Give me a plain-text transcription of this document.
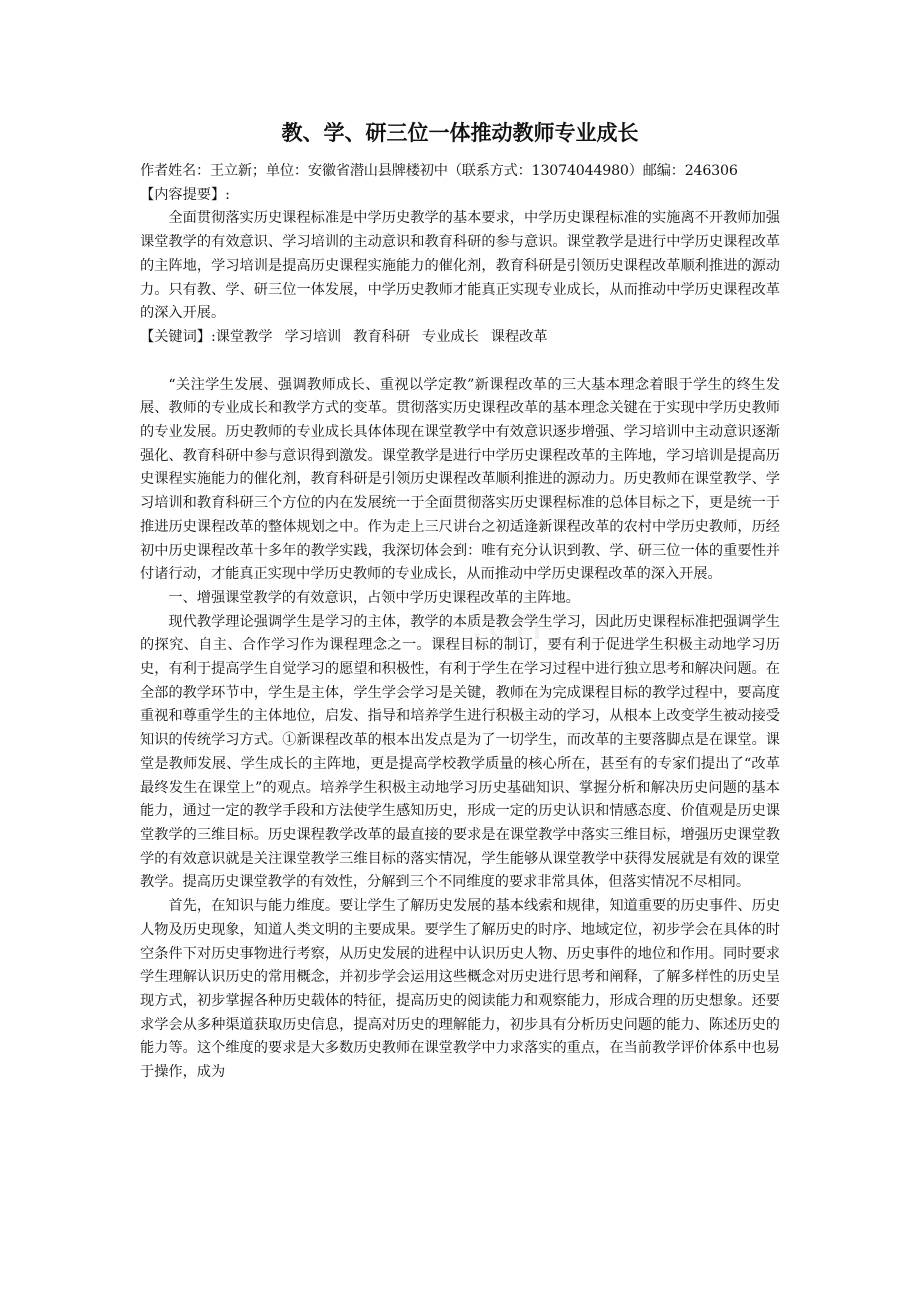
.cn
教、学、研三位一体推动教师专业成长

作者姓名：王立新；单位：安徽省潜山县牌楼初中（联系方式：13074044980）邮编：246306

【内容提要】:

全面贯彻落实历史课程标准是中学历史教学的基本要求，中学历史课程标准的实施离不开教师加强课堂教学的有效意识、学习培训的主动意识和教育科研的参与意识。课堂教学是进行中学历史课程改革的主阵地，学习培训是提高历史课程实施能力的催化剂，教育科研是引领历史课程改革顺利推进的源动力。只有教、学、研三位一体发展，中学历史教师才能真正实现专业成长，从而推动中学历史课程改革的深入开展。

【关键词】:课堂教学 学习培训 教育科研 专业成长 课程改革

“关注学生发展、强调教师成长、重视以学定教”新课程改革的三大基本理念着眼于学生的终生发展、教师的专业成长和教学方式的变革。贯彻落实历史课程改革的基本理念关键在于实现中学历史教师的专业发展。历史教师的专业成长具体体现在课堂教学中有效意识逐步增强、学习培训中主动意识逐渐强化、教育科研中参与意识得到激发。课堂教学是进行中学历史课程改革的主阵地，学习培训是提高历史课程实施能力的催化剂，教育科研是引领历史课程改革顺利推进的源动力。历史教师在课堂教学、学习培训和教育科研三个方位的内在发展统一于全面贯彻落实历史课程标准的总体目标之下，更是统一于推进历史课程改革的整体规划之中。作为走上三尺讲台之初适逢新课程改革的农村中学历史教师，历经初中历史课程改革十多年的教学实践，我深切体会到：唯有充分认识到教、学、研三位一体的重要性并付诸行动，才能真正实现中学历史教师的专业成长，从而推动中学历史课程改革的深入开展。

一、增强课堂教学的有效意识，占领中学历史课程改革的主阵地。

现代教学理论强调学生是学习的主体，教学的本质是教会学生学习，因此历史课程标准把强调学生的探究、自主、合作学习作为课程理念之一。课程目标的制订，要有利于促进学生积极主动地学习历史，有利于提高学生自觉学习的愿望和积极性，有利于学生在学习过程中进行独立思考和解决问题。在全部的教学环节中，学生是主体，学生学会学习是关键，教师在为完成课程目标的教学过程中，要高度重视和尊重学生的主体地位，启发、指导和培养学生进行积极主动的学习，从根本上改变学生被动接受知识的传统学习方式。①新课程改革的根本出发点是为了一切学生，而改革的主要落脚点是在课堂。课堂是教师发展、学生成长的主阵地，更是提高学校教学质量的核心所在，甚至有的专家们提出了“改革最终发生在课堂上”的观点。培养学生积极主动地学习历史基础知识、掌握分析和解决历史问题的基本能力，通过一定的教学手段和方法使学生感知历史，形成一定的历史认识和情感态度、价值观是历史课堂教学的三维目标。历史课程教学改革的最直接的要求是在课堂教学中落实三维目标，增强历史课堂教学的有效意识就是关注课堂教学三维目标的落实情况，学生能够从课堂教学中获得发展就是有效的课堂教学。提高历史课堂教学的有效性，分解到三个不同维度的要求非常具体，但落实情况不尽相同。

首先，在知识与能力维度。要让学生了解历史发展的基本线索和规律，知道重要的历史事件、历史人物及历史现象，知道人类文明的主要成果。要学生了解历史的时序、地域定位，初步学会在具体的时空条件下对历史事物进行考察，从历史发展的进程中认识历史人物、历史事件的地位和作用。同时要求学生理解认识历史的常用概念，并初步学会运用这些概念对历史进行思考和阐释，了解多样性的历史呈现方式，初步掌握各种历史载体的特征，提高历史的阅读能力和观察能力，形成合理的历史想象。还要求学会从多种渠道获取历史信息，提高对历史的理解能力，初步具有分析历史问题的能力、陈述历史的能力等。这个维度的要求是大多数历史教师在课堂教学中力求落实的重点，在当前教学评价体系中也易于操作，成为
